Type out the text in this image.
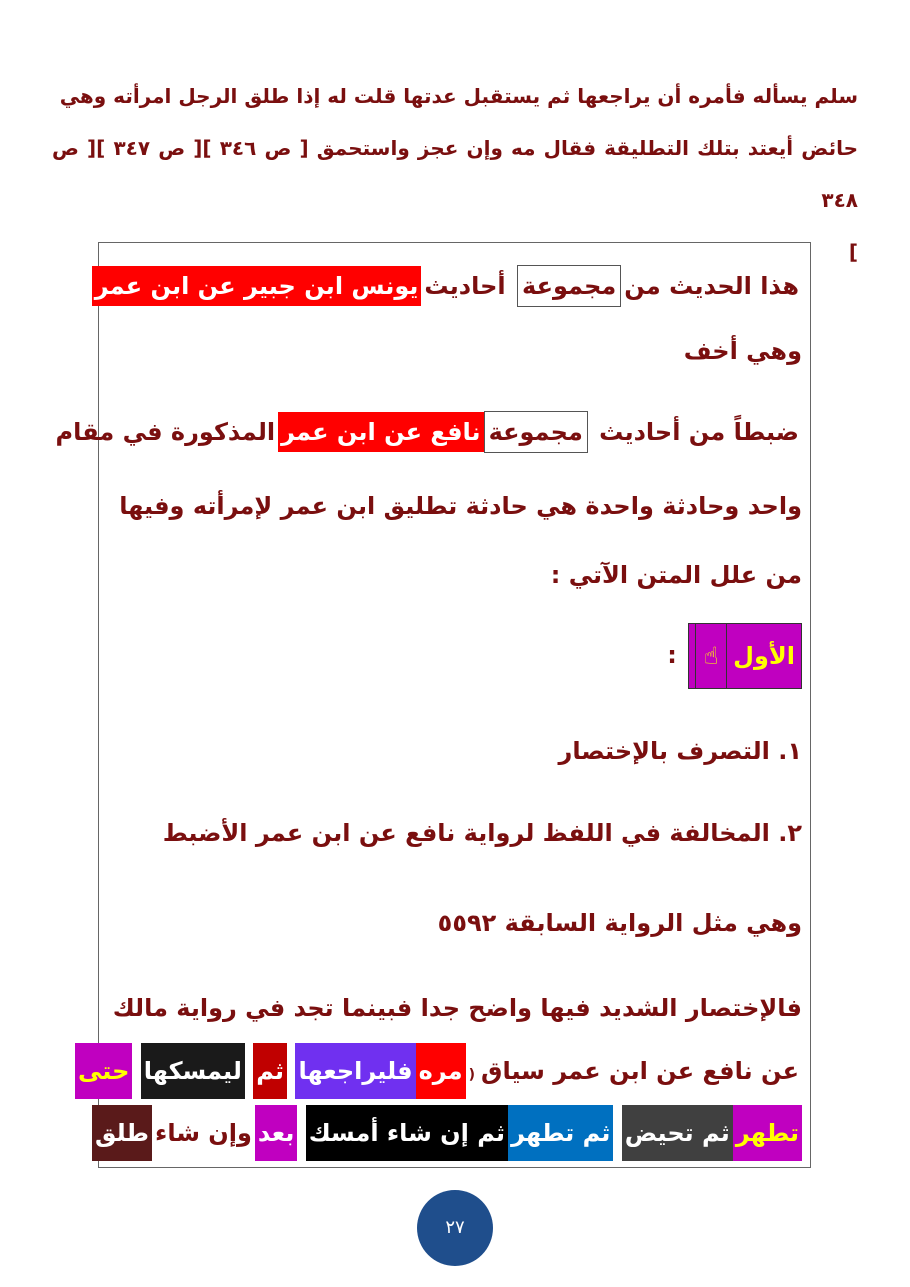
سلم يسأله فأمره أن يراجعها ثم يستقبل عدتها قلت له إذا طلق الرجل امرأته وهي
حائض أيعتد بتلك التطليقة فقال مه وإن عجز واستحمق [ ص ٣٤٦ ][ ص ٣٤٧ ][ ص ٣٤٨
]
هذا الحديث منمجموعة أحاديثيونس ابن جبير عن ابن عمر
وهي أخف
ضبطاً من أحاديث مجموعةنافع عن ابن عمرالمذكورة في مقام
واحد وحادثة واحدة هي حادثة تطليق ابن عمر لإمرأته وفيها
من علل المتن الآتي :
الأول☝ :
١. التصرف بالإختصار
٢. المخالفة في اللفظ لرواية نافع عن ابن عمر الأضبط
وهي مثل الرواية السابقة ٥٥٩٢
فالإختصار الشديد فيها واضح جدا فبينما تجد في رواية مالك
عن نافع عن ابن عمر سياق(مرهفليراجعها ثم ليمسكها حتى
تطهرثم تحيض ثم تطهرثم إن شاء أمسك بعدوإن شاءطلق
٢٧
